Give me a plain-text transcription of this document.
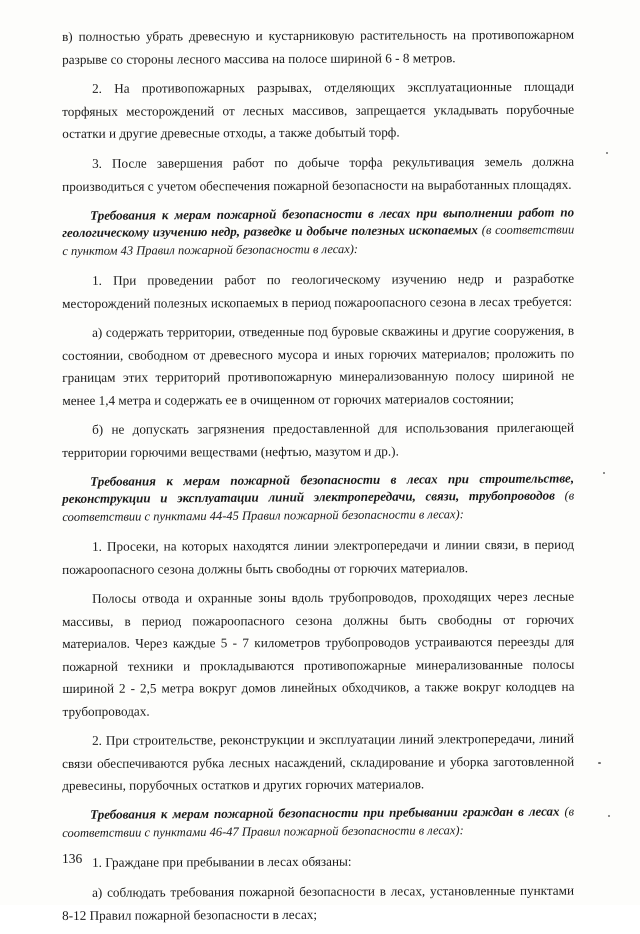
в) полностью убрать древесную и кустарниковую растительность на противопожарном разрыве со стороны лесного массива на полосе шириной 6 - 8 метров.

2. На противопожарных разрывах, отделяющих эксплуатационные площади торфяных месторождений от лесных массивов, запрещается укладывать порубочные остатки и другие древесные отходы, а также добытый торф.

3. После завершения работ по добыче торфа рекультивация земель должна производиться с учетом обеспечения пожарной безопасности на выработанных площадях.

Требования к мерам пожарной безопасности в лесах при выполнении работ по геологическому изучению недр, разведке и добыче полезных ископаемых (в соответствии с пунктом 43 Правил пожарной безопасности в лесах):

1. При проведении работ по геологическому изучению недр и разработке месторождений полезных ископаемых в период пожароопасного сезона в лесах требуется:

а) содержать территории, отведенные под буровые скважины и другие сооружения, в состоянии, свободном от древесного мусора и иных горючих материалов; проложить по границам этих территорий противопожарную минерализованную полосу шириной не менее 1,4 метра и содержать ее в очищенном от горючих материалов состоянии;

б) не допускать загрязнения предоставленной для использования прилегающей территории горючими веществами (нефтью, мазутом и др.).

Требования к мерам пожарной безопасности в лесах при строительстве, реконструкции и эксплуатации линий электропередачи, связи, трубопроводов (в соответствии с пунктами 44-45 Правил пожарной безопасности в лесах):

1. Просеки, на которых находятся линии электропередачи и линии связи, в период пожароопасного сезона должны быть свободны от горючих материалов.

Полосы отвода и охранные зоны вдоль трубопроводов, проходящих через лесные массивы, в период пожароопасного сезона должны быть свободны от горючих материалов. Через каждые 5 - 7 километров трубопроводов устраиваются переезды для пожарной техники и прокладываются противопожарные минерализованные полосы шириной 2 - 2,5 метра вокруг домов линейных обходчиков, а также вокруг колодцев на трубопроводах.

2. При строительстве, реконструкции и эксплуатации линий электропередачи, линий связи обеспечиваются рубка лесных насаждений, складирование и уборка заготовленной древесины, порубочных остатков и других горючих материалов.

Требования к мерам пожарной безопасности при пребывании граждан в лесах (в соответствии с пунктами 46-47 Правил пожарной безопасности в лесах):

1. Граждане при пребывании в лесах обязаны:

а) соблюдать требования пожарной безопасности в лесах, установленные пунктами 8-12 Правил пожарной безопасности в лесах;

136
